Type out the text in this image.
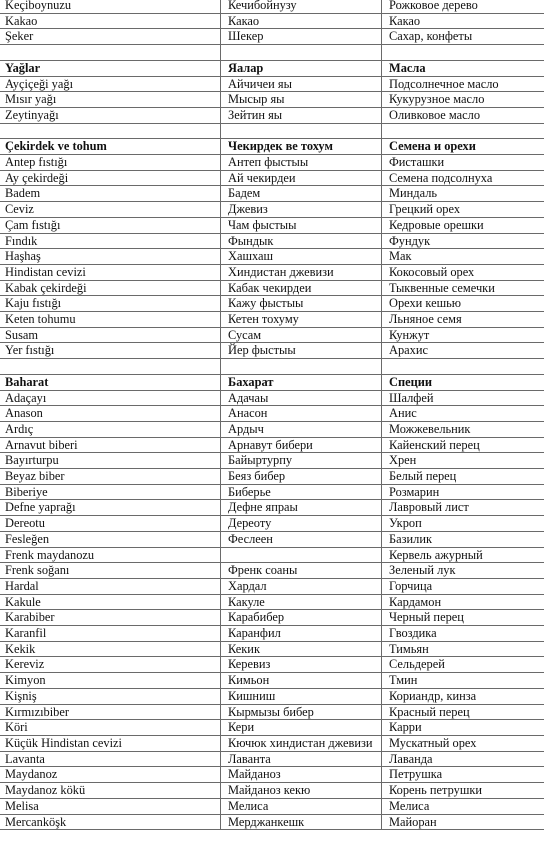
Keçiboynuzu	Кечибойнузу	Рожковое дерево
Kakao	Какао	Какао
Şeker	Шекер	Сахар, конфеты

Yağlar	Яалар	Масла
Ayçiçeği yağı	Айчичеи яы	Подсолнечное масло
Mısır yağı	Мысыр яы	Кукурузное масло
Zeytinyağı	Зейтин яы	Оливковое масло

Çekirdek ve tohum	Чекирдек ве тохум	Семена и орехи
Antep fıstığı	Антеп фыстыы	Фисташки
Ay çekirdeği	Ай чекирдеи	Семена подсолнуха
Badem	Бадем	Миндаль
Ceviz	Джевиз	Грецкий орех
Çam fıstığı	Чам фыстыы	Кедровые орешки
Fındık	Фындык	Фундук
Haşhaş	Хашхаш	Мак
Hindistan cevizi	Хиндистан джевизи	Кокосовый орех
Kabak çekirdeği	Кабак чекирдеи	Тыквенные семечки
Kaju fıstığı	Кажу фыстыы	Орехи кешью
Keten tohumu	Кетен тохуму	Льняное семя
Susam	Сусам	Кунжут
Yer fıstığı	Йер фыстыы	Арахис

Baharat	Бахарат	Специи
Adaçayı	Адачаы	Шалфей
Anason	Анасон	Анис
Ardıç	Ардыч	Можжевельник
Arnavut biberi	Арнавут бибери	Кайенский перец
Bayırturpu	Байыртурпу	Хрен
Beyaz biber	Беяз бибер	Белый перец
Biberiye	Биберье	Розмарин
Defne yaprağı	Дефне япраы	Лавровый лист
Dereotu	Дереоту	Укроп
Fesleğen	Феслеен	Базилик
Frenk maydanozu		Кервель ажурный
Frenk soğanı	Френк соаны	Зеленый лук
Hardal	Хардал	Горчица
Kakule	Какуле	Кардамон
Karabiber	Карабибер	Черный перец
Karanfil	Каранфил	Гвоздика
Kekik	Кекик	Тимьян
Kereviz	Керевиз	Сельдерей
Kimyon	Кимьон	Тмин
Kişniş	Кишниш	Кориандр, кинза
Kırmızıbiber	Кырмызы бибер	Красный перец
Köri	Кери	Карри
Küçük Hindistan cevizi	Кючюк хиндистан джевизи	Мускатный орех
Lavanta	Лаванта	Лаванда
Maydanoz	Майданоз	Петрушка
Maydanoz kökü	Майданоз кекю	Корень петрушки
Melisa	Мелиса	Мелиса
Mercanköşk	Мерджанкешк	Майоран
